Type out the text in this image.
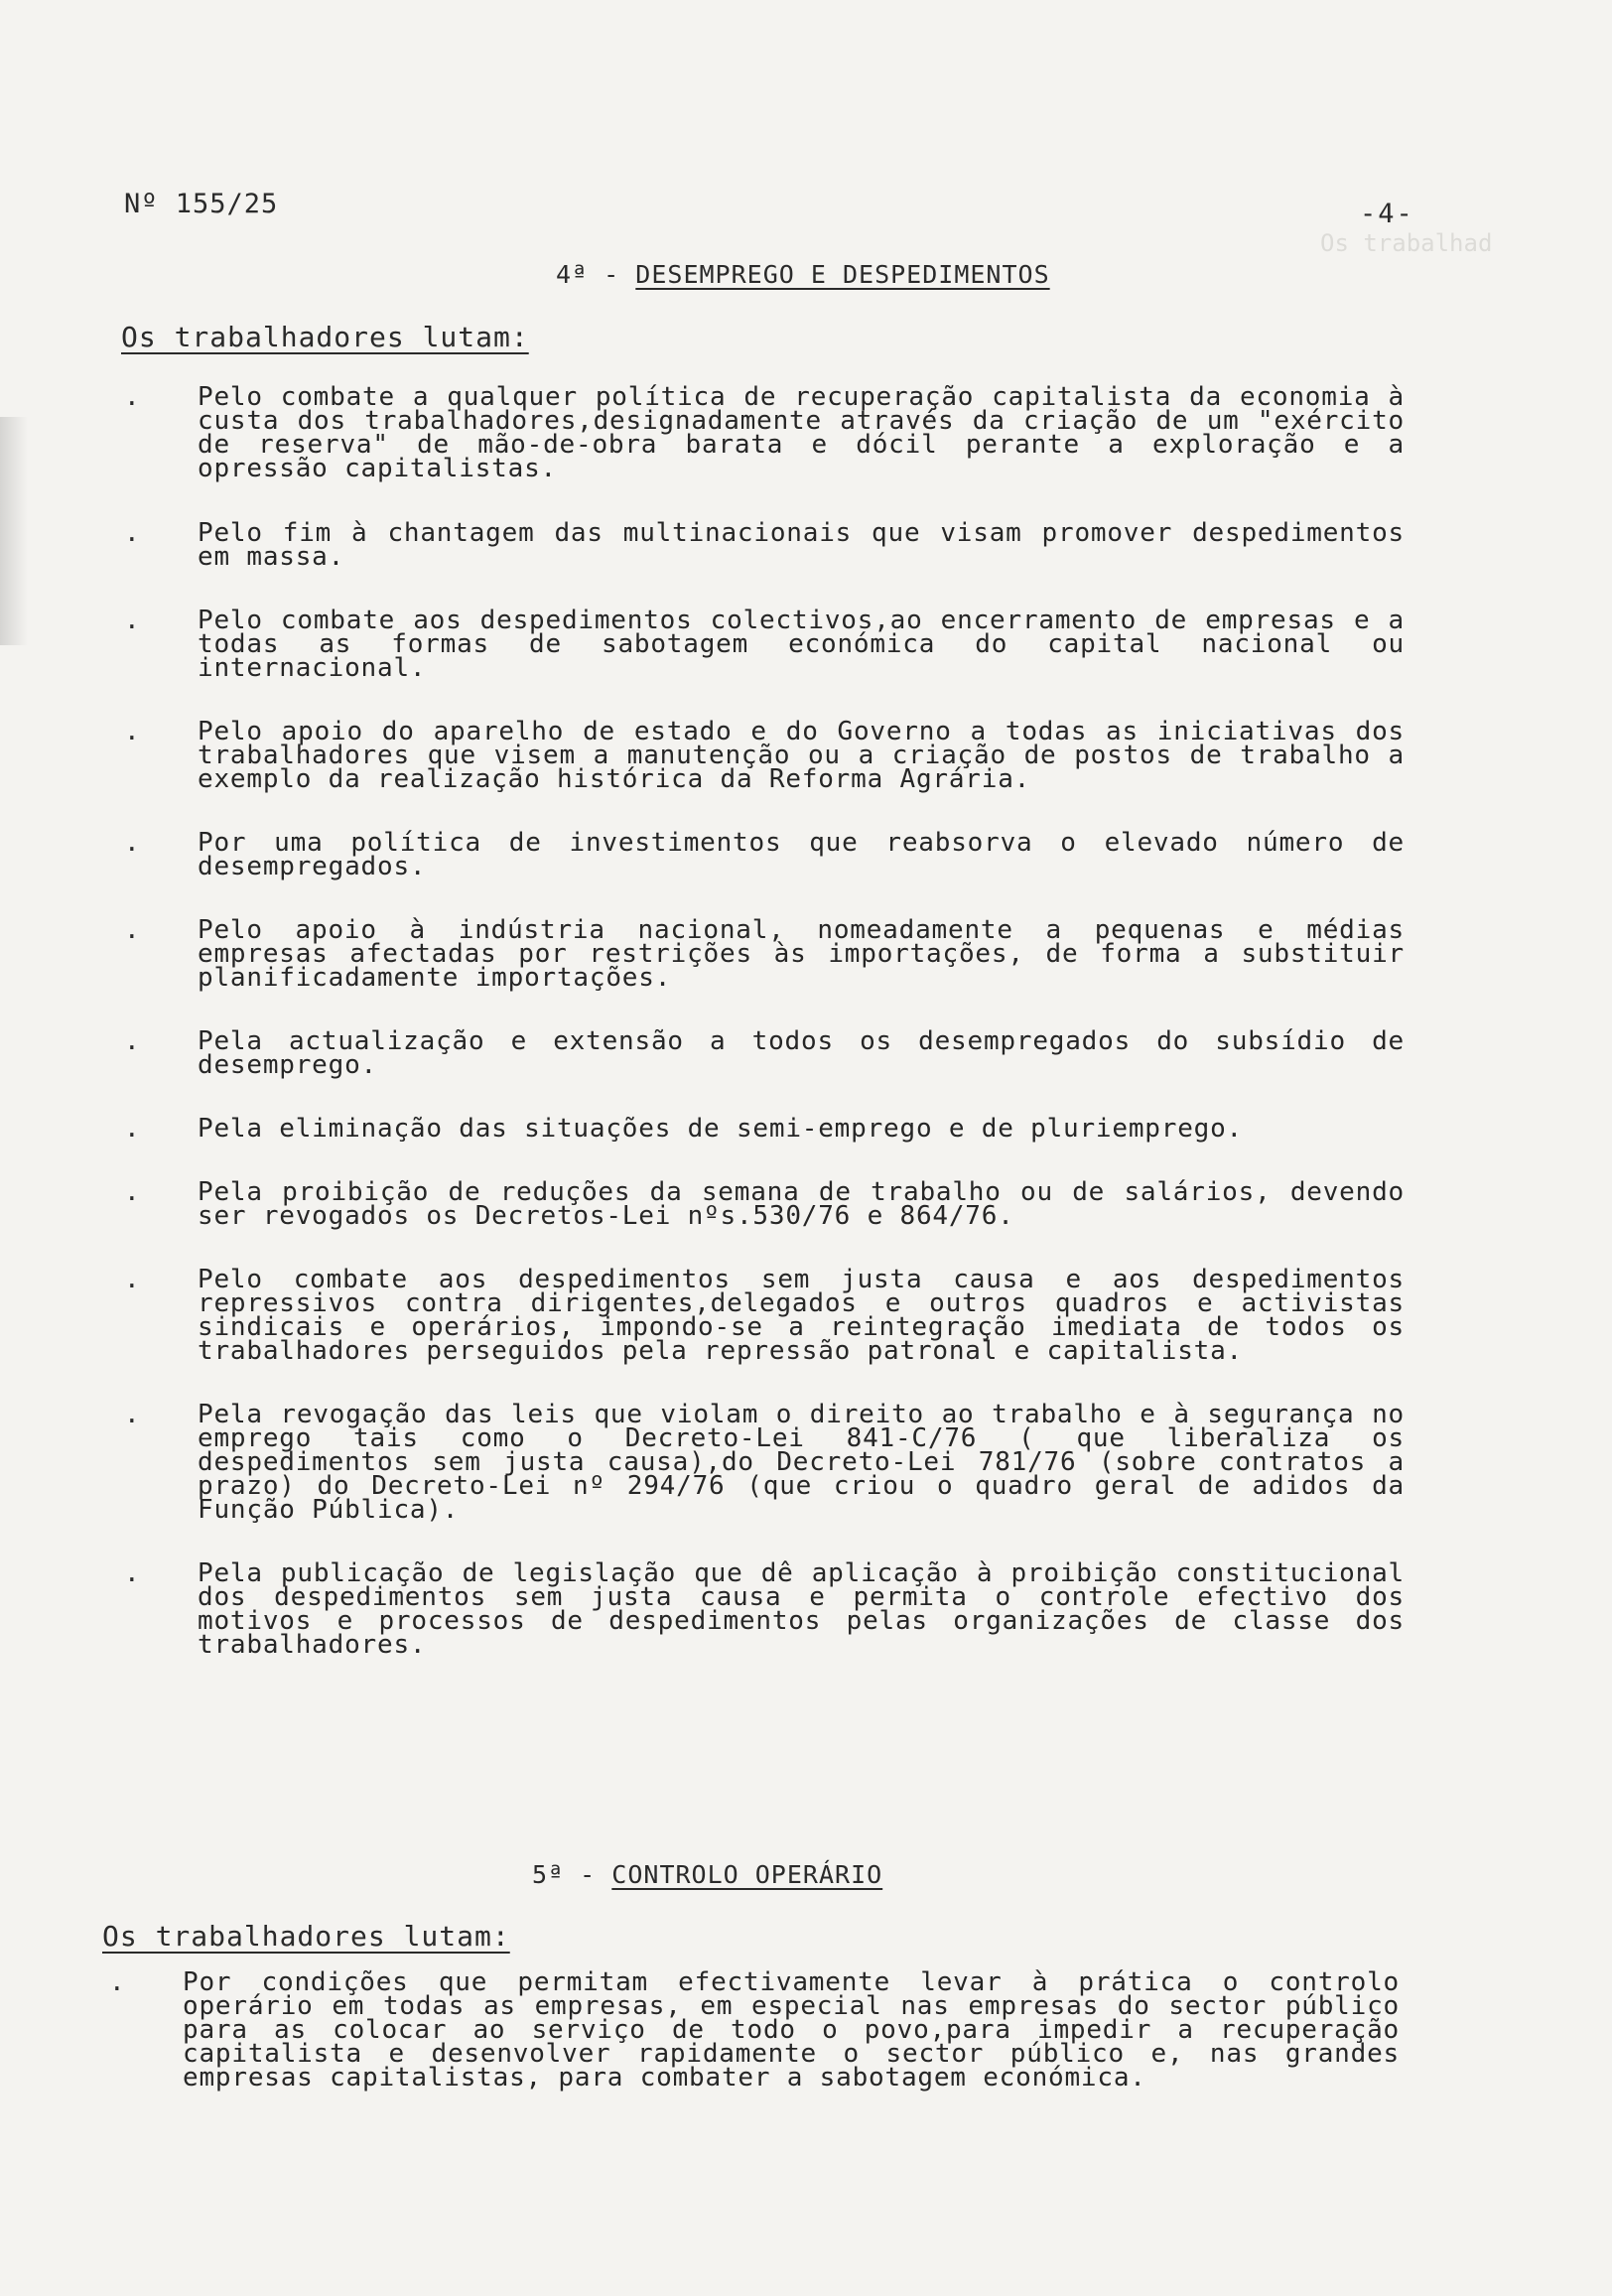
Os trabalhad
Nº 155/25	-4-
4ª - DESEMPREGO E DESPEDIMENTOS
Os trabalhadores lutam:
. Pelo combate a qualquer política de recuperação capitalista da economia à custa dos trabalhadores,designadamente através da criação de um "exército de reserva" de mão-de-obra barata e dócil perante a exploração e a opressão capitalistas.
. Pelo fim à chantagem das multinacionais que visam promover despedimentos em massa.
. Pelo combate aos despedimentos colectivos,ao encerramento de empresas e a todas as formas de sabotagem económica do capital nacional ou internacional.
. Pelo apoio do aparelho de estado e do Governo a todas as iniciativas dos trabalhadores que visem a manutenção ou a criação de postos de trabalho a exemplo da realização histórica da Reforma Agrária.
. Por uma política de investimentos que reabsorva o elevado número de desempregados.
. Pelo apoio à indústria nacional, nomeadamente a pequenas e médias empresas afectadas por restrições às importações, de forma a substituir planificadamente importações.
. Pela actualização e extensão a todos os desempregados do subsídio de desemprego.
. Pela eliminação das situações de semi-emprego e de pluriemprego.
. Pela proibição de reduções da semana de trabalho ou de salários, devendo ser revogados os Decretos-Lei nºs.530/76 e 864/76.
. Pelo combate aos despedimentos sem justa causa e aos despedimentos repressivos contra dirigentes,delegados e outros quadros e activistas sindicais e operários, impondo-se a reintegração imediata de todos os trabalhadores perseguidos pela repressão patronal e capitalista.
. Pela revogação das leis que violam o direito ao trabalho e à segurança no emprego tais como o Decreto-Lei 841-C/76 ( que liberaliza os despedimentos sem justa causa),do Decreto-Lei 781/76 (sobre contratos a prazo) do Decreto-Lei nº 294/76 (que criou o quadro geral de adidos da Função Pública).
. Pela publicação de legislação que dê aplicação à proibição constitucional dos despedimentos sem justa causa e permita o controle efectivo dos motivos e processos de despedimentos pelas organizações de classe dos trabalhadores.
5ª - CONTROLO OPERÁRIO
Os trabalhadores lutam:
. Por condições que permitam efectivamente levar à prática o controlo operário em todas as empresas, em especial nas empresas do sector público para as colocar ao serviço de todo o povo,para impedir a recuperação capitalista e desenvolver rapidamente o sector público e, nas grandes empresas capitalistas, para combater a sabotagem económica.
